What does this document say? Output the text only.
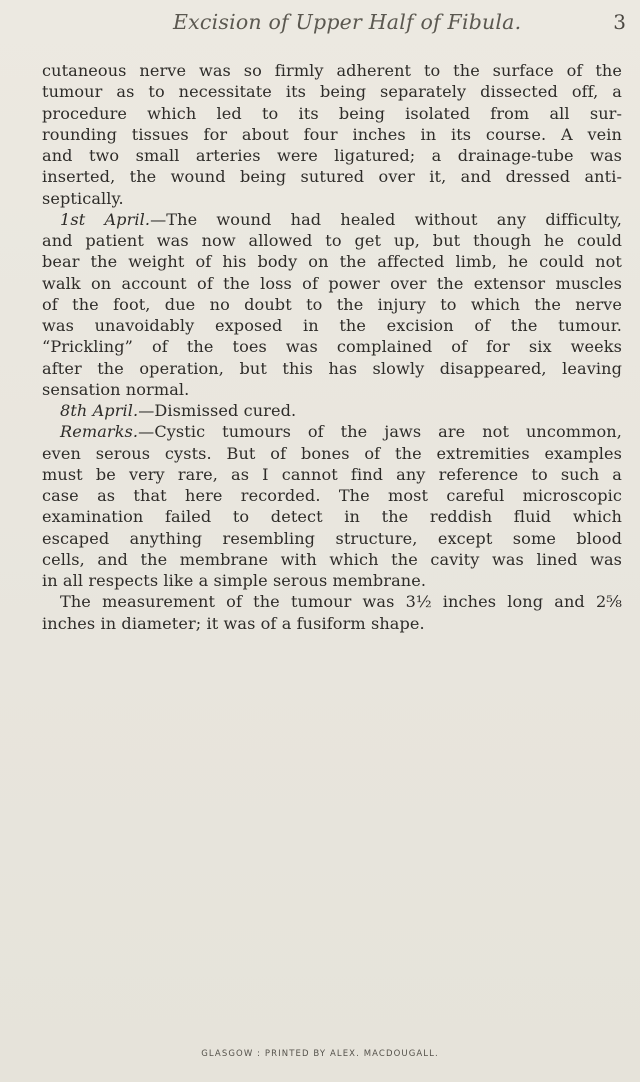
Excision of Upper Half of Fibula.	3
cutaneous nerve was so firmly adherent to the surface of the
tumour as to necessitate its being separately dissected off, a
procedure which led to its being isolated from all sur-
rounding tissues for about four inches in its course. A vein
and two small arteries were ligatured; a drainage-tube was
inserted, the wound being sutured over it, and dressed anti-
septically.
1st April.—The wound had healed without any difficulty,
and patient was now allowed to get up, but though he could
bear the weight of his body on the affected limb, he could not
walk on account of the loss of power over the extensor muscles
of the foot, due no doubt to the injury to which the nerve
was unavoidably exposed in the excision of the tumour.
“Prickling” of the toes was complained of for six weeks
after the operation, but this has slowly disappeared, leaving
sensation normal.
8th April.—Dismissed cured.
Remarks.—Cystic tumours of the jaws are not uncommon,
even serous cysts. But of bones of the extremities examples
must be very rare, as I cannot find any reference to such a
case as that here recorded. The most careful microscopic
examination failed to detect in the reddish fluid which
escaped anything resembling structure, except some blood
cells, and the membrane with which the cavity was lined was
in all respects like a simple serous membrane.
The measurement of the tumour was 3½ inches long and 2⅝
inches in diameter; it was of a fusiform shape.
GLASGOW : PRINTED BY ALEX. MACDOUGALL.
